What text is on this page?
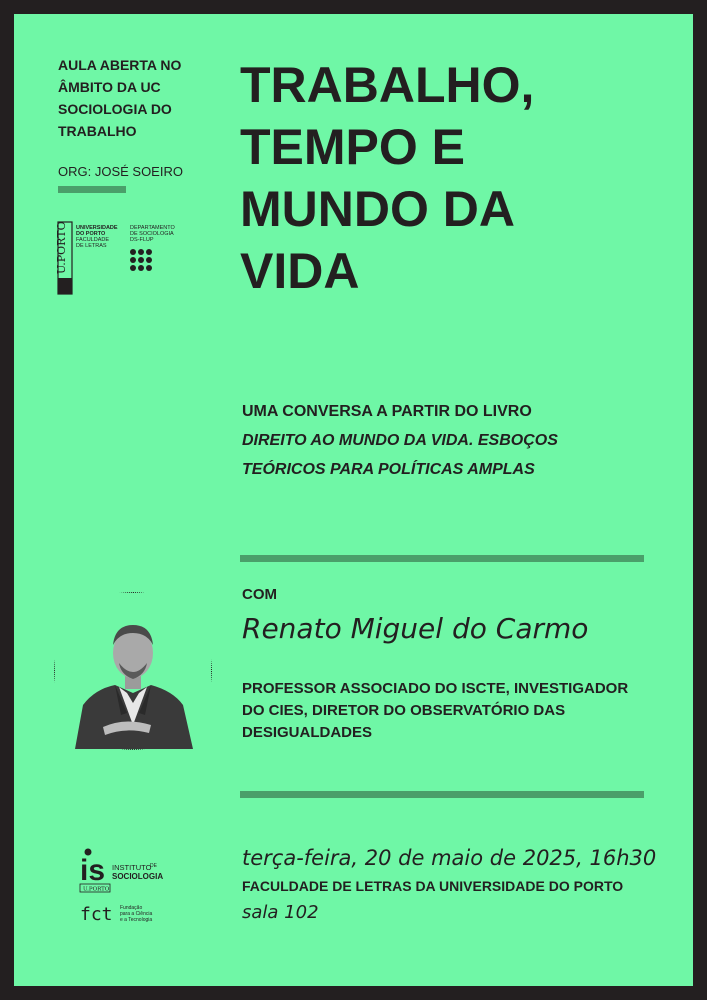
AULA ABERTA NO
ÂMBITO DA UC
SOCIOLOGIA DO
TRABALHO
ORG: JOSÉ SOEIRO
U.PORTO UNIVERSIDADE
DO PORTO
FACULDADE
DE LETRAS
DEPARTAMENTO
DE SOCIOLOGIA
DS-FLUP
TRABALHO,
TEMPO E
MUNDO DA
VIDA
UMA CONVERSA A PARTIR DO LIVRO
DIREITO AO MUNDO DA VIDA. ESBOÇOS
TEÓRICOS PARA POLÍTICAS AMPLAS
COM
Renato Miguel do Carmo
PROFESSOR ASSOCIADO DO ISCTE, INVESTIGADOR
DO CIES, DIRETOR DO OBSERVATÓRIO DAS
DESIGUALDADES
is INSTITUTO
DE
SOCIOLOGIA
U.PORTO
fct Fundação
para a Ciência
e a Tecnologia
terça-feira, 20 de maio de 2025, 16h30
FACULDADE DE LETRAS DA UNIVERSIDADE DO PORTO
sala 102
